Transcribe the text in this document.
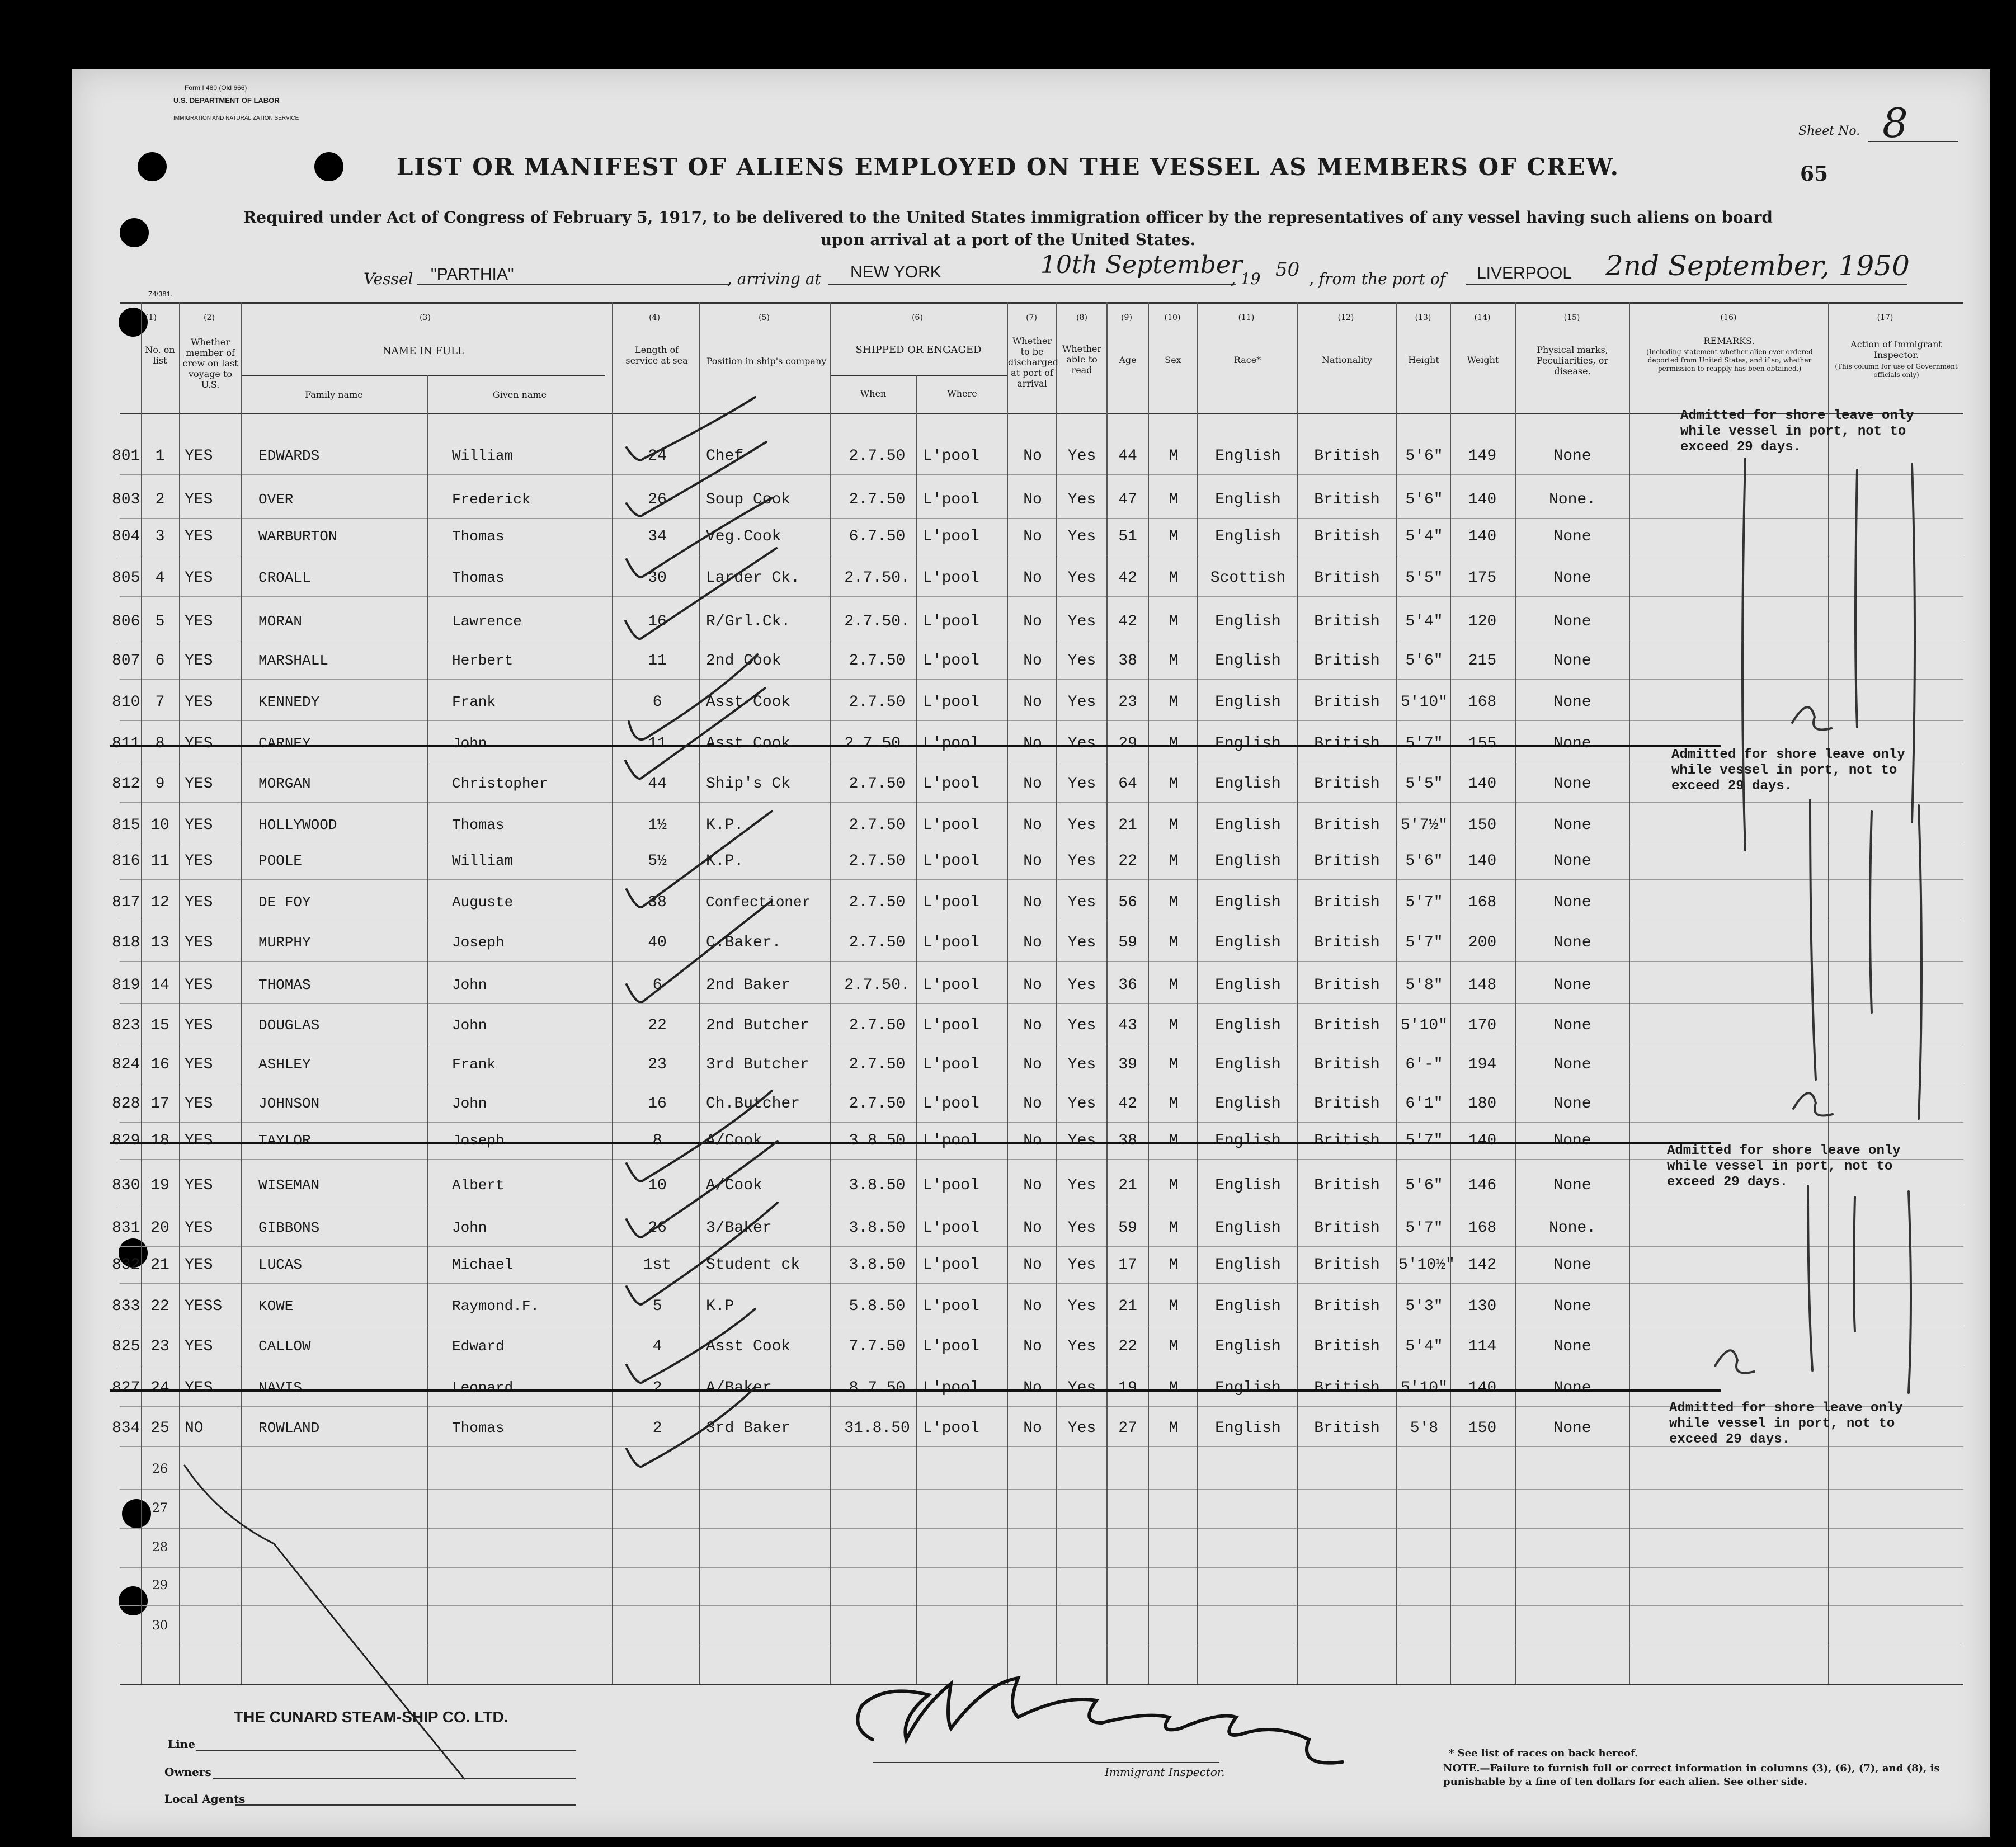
Form I 480 (Old 666)
U.S. DEPARTMENT OF LABOR
IMMIGRATION AND NATURALIZATION SERVICE
74/381.
Sheet No. 8
65
LIST OR MANIFEST OF ALIENS EMPLOYED ON THE VESSEL AS MEMBERS OF CREW.
Required under Act of Congress of February 5, 1917, to be delivered to the United States immigration officer by the representatives of any vessel having such aliens on board
upon arrival at a port of the United States.
Vessel "PARTHIA"	, arriving at NEW YORK	10th September
, 19 50 , from the port of LIVERPOOL 2nd September, 1950
(1)	(2)	(3)	(4)	(5)	(6)	(7)	(8)	(9)	(10)	(11)	(12)	(13)	(14)	(15)	(16)	(17)
No. on list
Whether member of crew on last voyage to U.S.
NAME IN FULL
Family name	Given name
Length of service at sea	Position in ship's company
SHIPPED OR ENGAGED
When	Where
Whether to be discharged at port of arrival
Whether able to read
Age	Sex	Race*	Nationality	Height	Weight
Physical marks, Peculiarities, or disease.
REMARKS.
(Including statement whether alien ever ordered deported from United States, and if so, whether permission to reapply has been obtained.)
Action of Immigrant Inspector.
(This column for use of Government officials only)
801 1	YES	EDWARDS	William	24	Chef	2.7.50	L'pool	No	Yes	44	M	English	British	5'6"	149	None
803 2	YES	OVER	Frederick	26	Soup Cook	2.7.50	L'pool	No	Yes	47	M	English	British	5'6"	140	None.
804 3	YES	WARBURTON	Thomas	34	Veg.Cook	6.7.50	L'pool	No	Yes	51	M	English	British	5'4"	140	None
805 4	YES	CROALL	Thomas	30	Larder Ck.	2.7.50. L'pool	No	Yes	42	M	Scottish	British	5'5"	175	None
806 5	YES	MORAN	Lawrence	16	R/Grl.Ck.	2.7.50. L'pool	No	Yes	42	M	English	British	5'4"	120	None
807 6	YES	MARSHALL	Herbert	11	2nd Cook	2.7.50	L'pool	No	Yes	38	M	English	British	5'6"	215	None
810 7	YES	KENNEDY	Frank	6	Asst Cook	2.7.50	L'pool	No	Yes	23	M	English	British	5'10"	168	None
811 8	YES	CARNEY	John	11	Asst.Cook	2.7.50. L'pool	No	Yes	29	M	English	British	5'7"	155	None
812 9	YES	MORGAN	Christopher	44	Ship's Ck	2.7.50	L'pool	No	Yes	64	M	English	British	5'5"	140	None
815 10 YES	HOLLYWOOD	Thomas	1½	K.P.	2.7.50	L'pool	No	Yes	21	M	English	British	5'7½"	150	None
816 11 YES	POOLE	William	5½	K.P.	2.7.50	L'pool	No	Yes	22	M	English	British	5'6"	140	None
817 12 YES	DE FOY	Auguste	38	Confectioner	2.7.50	L'pool	No	Yes	56	M	English	British	5'7"	168	None
818 13 YES	MURPHY	Joseph	40	C.Baker.	2.7.50	L'pool	No	Yes	59	M	English	British	5'7"	200	None
819 14 YES	THOMAS	John	6	2nd Baker	2.7.50. L'pool	No	Yes	36	M	English	British	5'8"	148	None
823 15 YES	DOUGLAS	John	22	2nd Butcher	2.7.50	L'pool	No	Yes	43	M	English	British	5'10"	170	None
824 16 YES	ASHLEY	Frank	23	3rd Butcher	2.7.50	L'pool	No	Yes	39	M	English	British	6'-"	194	None
828 17 YES	JOHNSON	John	16	Ch.Butcher	2.7.50	L'pool	No	Yes	42	M	English	British	6'1"	180	None
829 18 YES	TAYLOR	Joseph	8	A/Cook	3.8.50	L'pool	No	Yes	38	M	English	British	5'7"	140	None
830 19 YES	WISEMAN	Albert	10	A/Cook	3.8.50	L'pool	No	Yes	21	M	English	British	5'6"	146	None
831 20 YES	GIBBONS	John	26	3/Baker	3.8.50	L'pool	No	Yes	59	M	English	British	5'7"	168	None.
832 21 YES	LUCAS	Michael	1st	Student ck	3.8.50	L'pool	No	Yes	17	M	English	British	5'10½" 142	None
833 22 YESS	KOWE	Raymond.F.	5	K.P	5.8.50	L'pool	No	Yes	21	M	English	British	5'3"	130	None
825 23 YES	CALLOW	Edward	4	Asst Cook	7.7.50	L'pool	No	Yes	22	M	English	British	5'4"	114	None
827 24 YES	NAVIS	Leonard	2	A/Baker	8.7.50	L'pool	No	Yes	19	M	English	British	5'10"	140	None
834 25 NO	ROWLAND	Thomas	2	3rd Baker	31.8.50 L'pool	No	Yes	27	M	English	British	5'8	150	None
26
27
28
29
30
Admitted for shore leave only
while vessel in port, not to
exceed 29 days.
Admitted for shore leave only
while vessel in port, not to
exceed 29 days.
Admitted for shore leave only
while vessel in port, not to
exceed 29 days.
Admitted for shore leave only
while vessel in port, not to
exceed 29 days.
THE CUNARD STEAM-SHIP CO. LTD.
Line
Owners
Local Agents
Immigrant Inspector.
* See list of races on back hereof.
NOTE.—Failure to furnish full or correct information in columns (3), (6), (7), and (8), is punishable by a fine of ten dollars for each alien. See other side.
